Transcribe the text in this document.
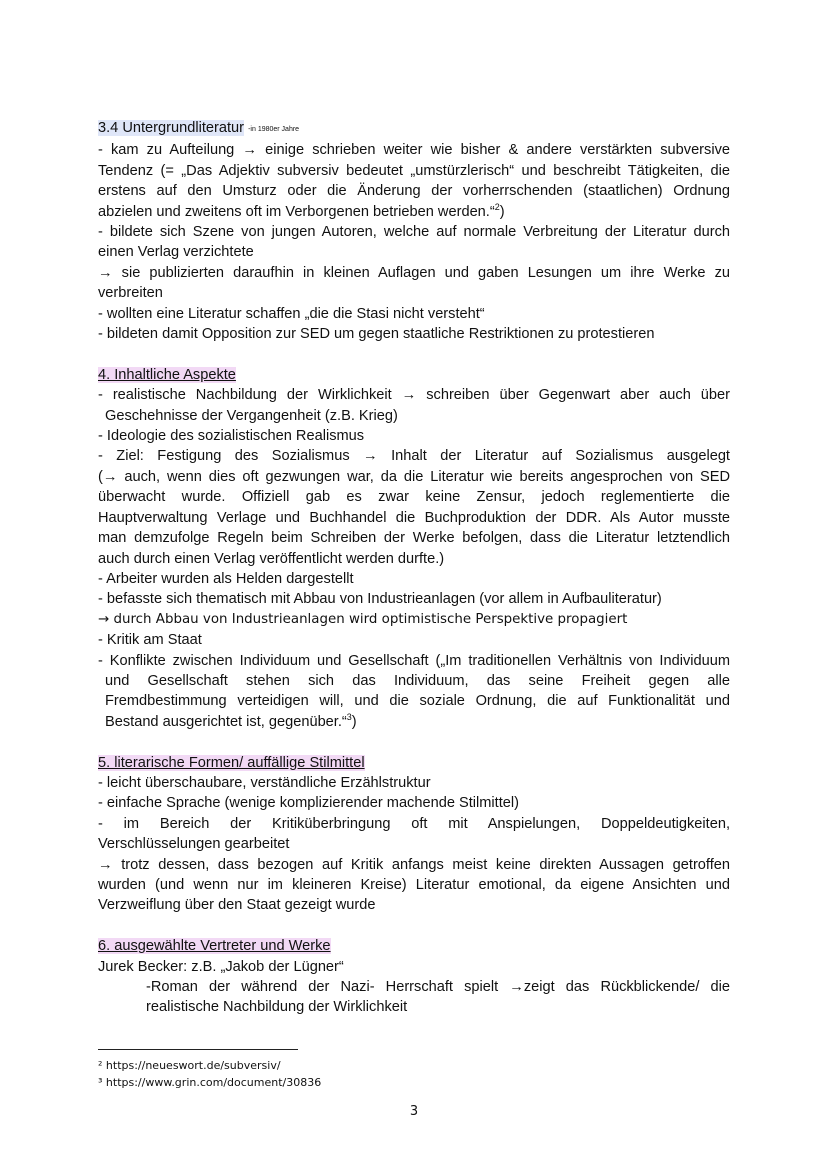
3.4 Untergrundliteratur -in 1980er Jahre
- kam zu Aufteilung → einige schrieben weiter wie bisher & andere verstärkten subversive
Tendenz (= „Das Adjektiv subversiv bedeutet „umstürzlerisch“ und beschreibt Tätigkeiten, die
erstens auf den Umsturz oder die Änderung der vorherrschenden (staatlichen) Ordnung
abzielen und zweitens oft im Verborgenen betrieben werden.“$^2$)
- bildete sich Szene von jungen Autoren, welche auf normale Verbreitung der Literatur durch
einen Verlag verzichtete
→ sie publizierten daraufhin in kleinen Auflagen und gaben Lesungen um ihre Werke zu
verbreiten
- wollten eine Literatur schaffen „die die Stasi nicht versteht“
- bildeten damit Opposition zur SED um gegen staatliche Restriktionen zu protestieren
4. Inhaltliche Aspekte
- realistische Nachbildung der Wirklichkeit → schreiben über Gegenwart aber auch über
Geschehnisse der Vergangenheit (z.B. Krieg)
- Ideologie des sozialistischen Realismus
- Ziel: Festigung des Sozialismus → Inhalt der Literatur auf Sozialismus ausgelegt
(→ auch, wenn dies oft gezwungen war, da die Literatur wie bereits angesprochen von SED
überwacht wurde. Offiziell gab es zwar keine Zensur, jedoch reglementierte die
Hauptverwaltung Verlage und Buchhandel die Buchproduktion der DDR. Als Autor musste
man demzufolge Regeln beim Schreiben der Werke befolgen, dass die Literatur letztendlich
auch durch einen Verlag veröffentlicht werden durfte.)
- Arbeiter wurden als Helden dargestellt
- befasste sich thematisch mit Abbau von Industrieanlagen (vor allem in Aufbauliteratur)
→ durch Abbau von Industrieanlagen wird optimistische Perspektive propagiert
- Kritik am Staat
- Konflikte zwischen Individuum und Gesellschaft („Im traditionellen Verhältnis von Individuum
und Gesellschaft stehen sich das Individuum, das seine Freiheit gegen alle
Fremdbestimmung verteidigen will, und die soziale Ordnung, die auf Funktionalität und
Bestand ausgerichtet ist, gegenüber.“$^3$)
5. literarische Formen/ auffällige Stilmittel
- leicht überschaubare, verständliche Erzählstruktur
- einfache Sprache (wenige komplizierender machende Stilmittel)
- im Bereich der Kritiküberbringung oft mit Anspielungen, Doppeldeutigkeiten,
Verschlüsselungen gearbeitet
→ trotz dessen, dass bezogen auf Kritik anfangs meist keine direkten Aussagen getroffen
wurden (und wenn nur im kleineren Kreise) Literatur emotional, da eigene Ansichten und
Verzweiflung über den Staat gezeigt wurde
6. ausgewählte Vertreter und Werke
Jurek Becker: z.B. „Jakob der Lügner“
-Roman der während der Nazi- Herrschaft spielt →zeigt das Rückblickende/ die
realistische Nachbildung der Wirklichkeit
² https://neueswort.de/subversiv/
³ https://www.grin.com/document/30836
3
